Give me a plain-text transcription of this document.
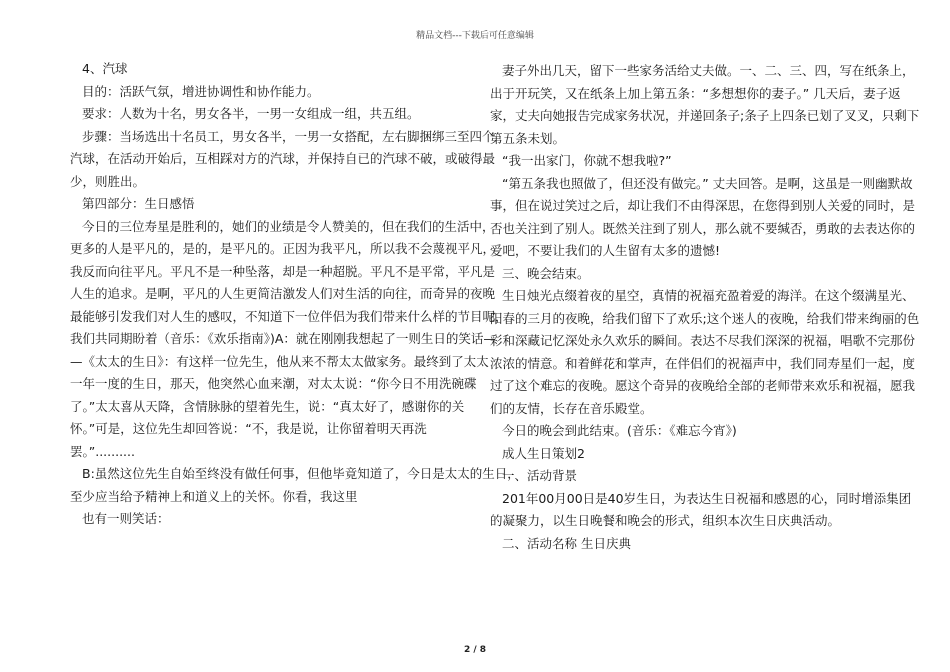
精品文档---下载后可任意编辑
4、汽球
目的：活跃气氛，增进协调性和协作能力。
要求：人数为十名，男女各半，一男一女组成一组，共五组。
步骤：当场选出十名员工，男女各半，一男一女搭配，左右脚捆绑三至四个
汽球，在活动开始后，互相踩对方的汽球，并保持自已的汽球不破，或破得最
少，则胜出。
第四部分：生日感悟
今日的三位寿星是胜利的，她们的业绩是令人赞美的，但在我们的生活中，
更多的人是平凡的，是的，是平凡的。正因为我平凡，所以我不会蔑视平凡，
我反而向往平凡。平凡不是一种坠落，却是一种超脱。平凡不是平常，平凡是
人生的追求。是啊，平凡的人生更简洁激发人们对生活的向往，而奇异的夜晚
最能够引发我们对人生的感叹，不知道下一位伴侣为我们带来什么样的节目呢，
我们共同期盼着（音乐：《欢乐指南》)A：就在刚刚我想起了一则生日的笑话—
—《太太的生日》：有这样一位先生，他从来不帮太太做家务。最终到了太太
一年一度的生日，那天，他突然心血来潮，对太太说：“你今日不用洗碗碟
了。”太太喜从天降，含情脉脉的望着先生，说：“真太好了，感谢你的关
怀。”可是，这位先生却回答说：“不，我是说，让你留着明天再洗
罢。”..........
B:虽然这位先生自始至终没有做任何事，但他毕竟知道了，今日是太太的生日，
至少应当给予精神上和道义上的关怀。你看，我这里
也有一则笑话：
妻子外出几天，留下一些家务活给丈夫做。一、二、三、四，写在纸条上，
出于开玩笑，又在纸条上加上第五条：“多想想你的妻子。” 几天后，妻子返
家，丈夫向她报告完成家务状况，并递回条子;条子上四条已划了叉叉，只剩下
第五条未划。
“我一出家门，你就不想我啦?”
“第五条我也照做了，但还没有做完。” 丈夫回答。是啊，这虽是一则幽默故
事，但在说过笑过之后，却让我们不由得深思，在您得到别人关爱的同时，是
否也关注到了别人。既然关注到了别人，那么就不要缄否，勇敢的去表达你的
爱吧，不要让我们的人生留有太多的遗憾!
三、晚会结束。
生日烛光点缀着夜的星空，真情的祝福充盈着爱的海洋。在这个缀满星光、
阳春的三月的夜晚，给我们留下了欢乐;这个迷人的夜晚，给我们带来绚丽的色
彩和深藏记忆深处永久欢乐的瞬间。表达不尽我们深深的祝福，唱歌不完那份
浓浓的情意。和着鲜花和掌声，在伴侣们的祝福声中，我们同寿星们一起，度
过了这个难忘的夜晚。愿这个奇异的夜晚给全部的老师带来欢乐和祝福，愿我
们的友情，长存在音乐殿堂。
今日的晚会到此结束。(音乐：《难忘今宵》)
成人生日策划2
一、活动背景
201年00月00日是40岁生日，为表达生日祝福和感恩的心，同时增添集团
的凝聚力，以生日晚餐和晚会的形式，组织本次生日庆典活动。
二、活动名称 生日庆典
2 / 8
